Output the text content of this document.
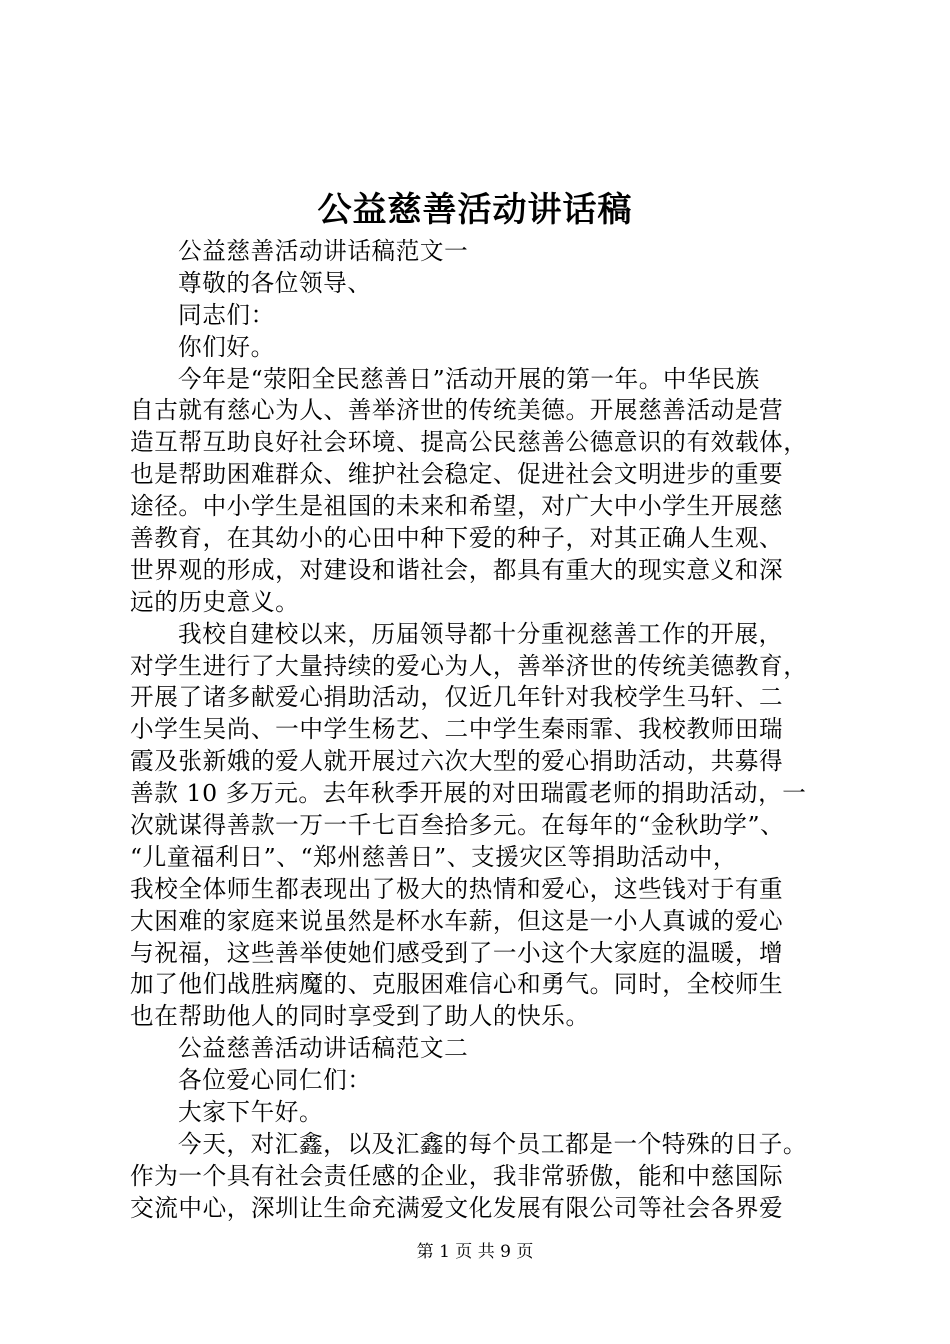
公益慈善活动讲话稿
公益慈善活动讲话稿范文一
尊敬的各位领导、
同志们：
你们好。
今年是“荥阳全民慈善日”活动开展的第一年。中华民族
自古就有慈心为人、善举济世的传统美德。开展慈善活动是营
造互帮互助良好社会环境、提高公民慈善公德意识的有效载体，
也是帮助困难群众、维护社会稳定、促进社会文明进步的重要
途径。中小学生是祖国的未来和希望，对广大中小学生开展慈
善教育，在其幼小的心田中种下爱的种子，对其正确人生观、
世界观的形成，对建设和谐社会，都具有重大的现实意义和深
远的历史意义。
我校自建校以来，历届领导都十分重视慈善工作的开展，
对学生进行了大量持续的爱心为人，善举济世的传统美德教育，
开展了诸多献爱心捐助活动，仅近几年针对我校学生马轩、二
小学生吴尚、一中学生杨艺、二中学生秦雨霏、我校教师田瑞
霞及张新娥的爱人就开展过六次大型的爱心捐助活动，共募得
善款 10 多万元。去年秋季开展的对田瑞霞老师的捐助活动，一
次就谋得善款一万一千七百叁拾多元。在每年的“金秋助学”、
“儿童福利日”、“郑州慈善日”、支援灾区等捐助活动中，
我校全体师生都表现出了极大的热情和爱心，这些钱对于有重
大困难的家庭来说虽然是杯水车薪，但这是一小人真诚的爱心
与祝福，这些善举使她们感受到了一小这个大家庭的温暖，增
加了他们战胜病魔的、克服困难信心和勇气。同时，全校师生
也在帮助他人的同时享受到了助人的快乐。
公益慈善活动讲话稿范文二
各位爱心同仁们：
大家下午好。
今天，对汇鑫，以及汇鑫的每个员工都是一个特殊的日子。
作为一个具有社会责任感的企业，我非常骄傲，能和中慈国际
交流中心，深圳让生命充满爱文化发展有限公司等社会各界爱
第 1 页 共 9 页
